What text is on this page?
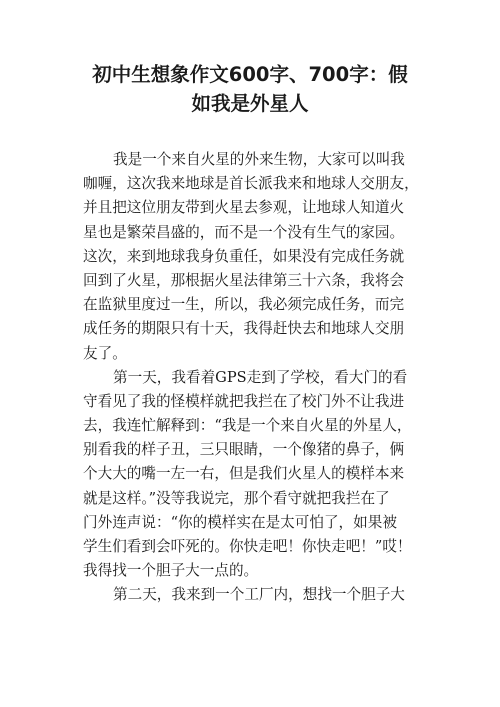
初中生想象作文600字、700字：假
如我是外星人
我是一个来自火星的外来生物，大家可以叫我
咖喱，这次我来地球是首长派我来和地球人交朋友，
并且把这位朋友带到火星去参观，让地球人知道火
星也是繁荣昌盛的，而不是一个没有生气的家园。
这次，来到地球我身负重任，如果没有完成任务就
回到了火星，那根据火星法律第三十六条，我将会
在监狱里度过一生，所以，我必须完成任务，而完
成任务的期限只有十天，我得赶快去和地球人交朋
友了。
第一天，我看着GPS走到了学校，看大门的看
守看见了我的怪模样就把我拦在了校门外不让我进
去，我连忙解释到：“我是一个来自火星的外星人，
别看我的样子丑，三只眼睛，一个像猪的鼻子，俩
个大大的嘴一左一右，但是我们火星人的模样本来
就是这样。”没等我说完，那个看守就把我拦在了
门外连声说：“你的模样实在是太可怕了，如果被
学生们看到会吓死的。你快走吧！你快走吧！”哎！
我得找一个胆子大一点的。
第二天，我来到一个工厂内，想找一个胆子大
